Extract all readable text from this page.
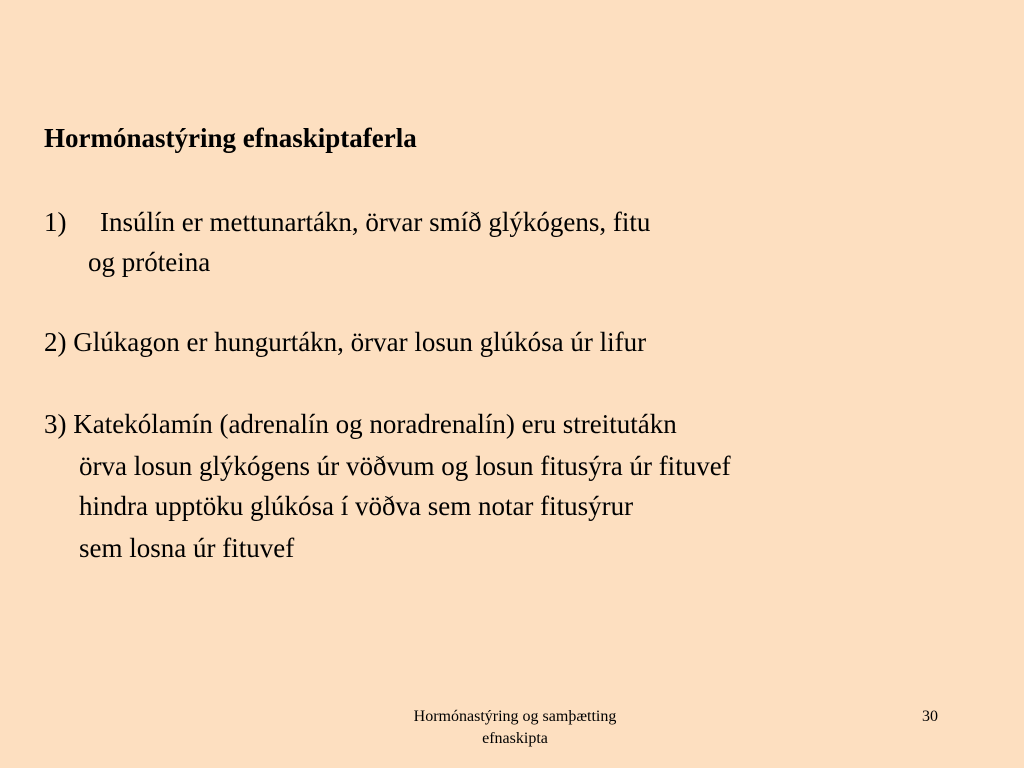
Hormónastýring efnaskiptaferla
1) Insúlín er mettunartákn, örvar smíð glýkógens, fitu
og próteina
2) Glúkagon er hungurtákn, örvar losun glúkósa úr lifur
3) Katekólamín (adrenalín og noradrenalín) eru streitutákn
örva losun glýkógens úr vöðvum og losun fitusýra úr fituvef
hindra upptöku glúkósa í vöðva sem notar fitusýrur
sem losna úr fituvef
Hormónastýring og samþætting
efnaskipta
30
